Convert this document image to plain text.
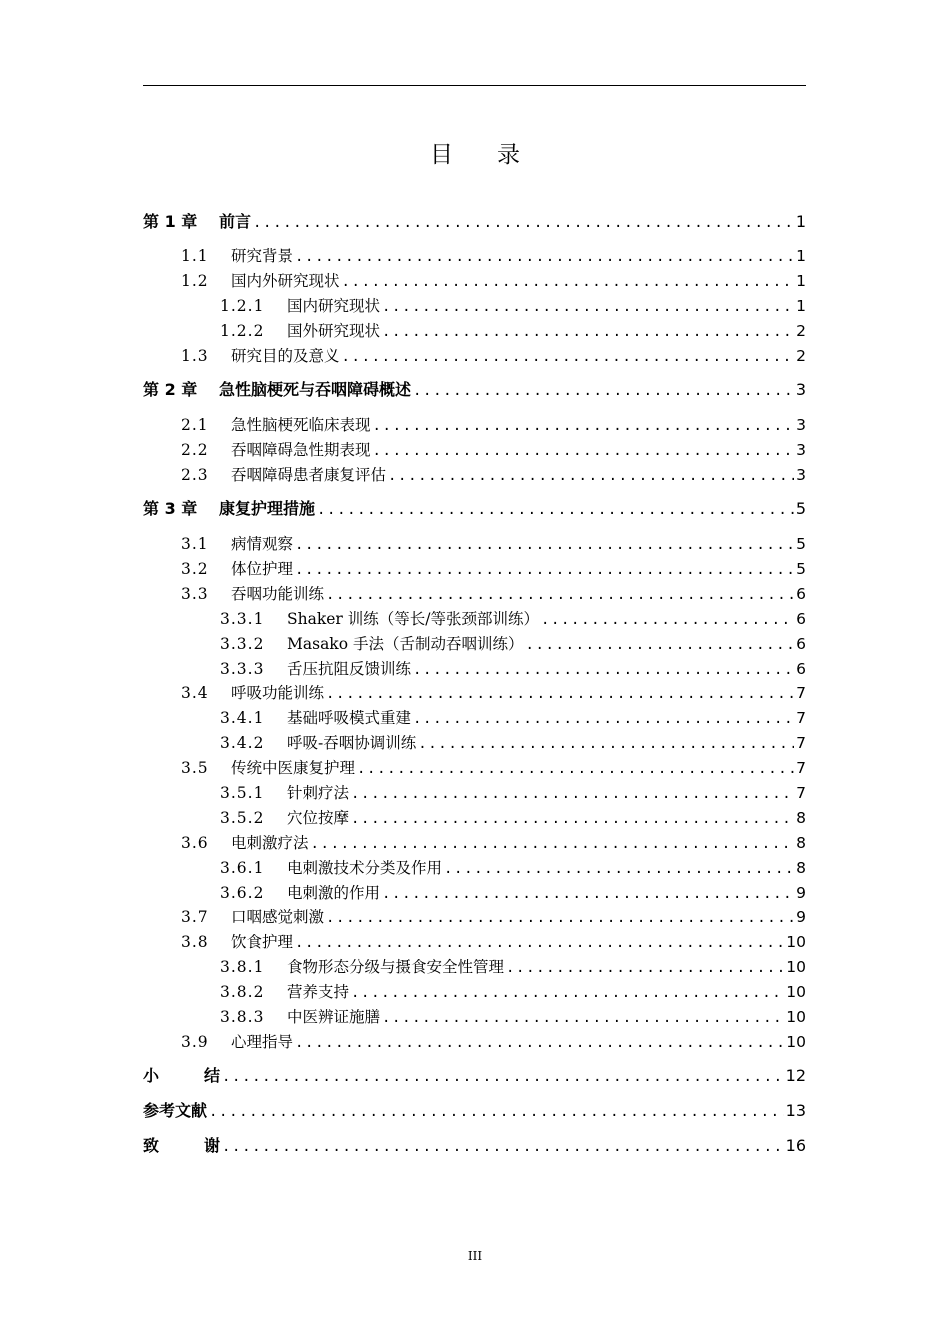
目 录
第 1 章	前言 .....	1
1.1	研究背景 .....	1
1.2	国内外研究现状 .....	1
1.2.1	国内研究现状 .....	1
1.2.2	国外研究现状 .....	2
1.3	研究目的及意义 .....	2
第 2 章	急性脑梗死与吞咽障碍概述 .....	3
2.1	急性脑梗死临床表现 .....	3
2.2	吞咽障碍急性期表现 .....	3
2.3	吞咽障碍患者康复评估 .....	3
第 3 章	康复护理措施 .....	5
3.1	病情观察 .....	5
3.2	体位护理 .....	5
3.3	吞咽功能训练 .....	6
3.3.1	Shaker 训练（等长/等张颈部训练） .....	6
3.3.2	Masako 手法（舌制动吞咽训练） .....	6
3.3.3	舌压抗阻反馈训练 .....	6
3.4	呼吸功能训练 .....	7
3.4.1	基础呼吸模式重建 .....	7
3.4.2	呼吸-吞咽协调训练 .....	7
3.5	传统中医康复护理 .....	7
3.5.1	针刺疗法 .....	7
3.5.2	穴位按摩 .....	8
3.6	电刺激疗法 .....	8
3.6.1	电刺激技术分类及作用 .....	8
3.6.2	电刺激的作用 .....	9
3.7	口咽感觉刺激 .....	9
3.8	饮食护理 .....	10
3.8.1	食物形态分级与摄食安全性管理 .....	10
3.8.2	营养支持 .....	10
3.8.3	中医辨证施膳 .....	10
3.9	心理指导 .....	10
小	结 .....	12
参考文献 .....	13
致	谢 .....	16
III
